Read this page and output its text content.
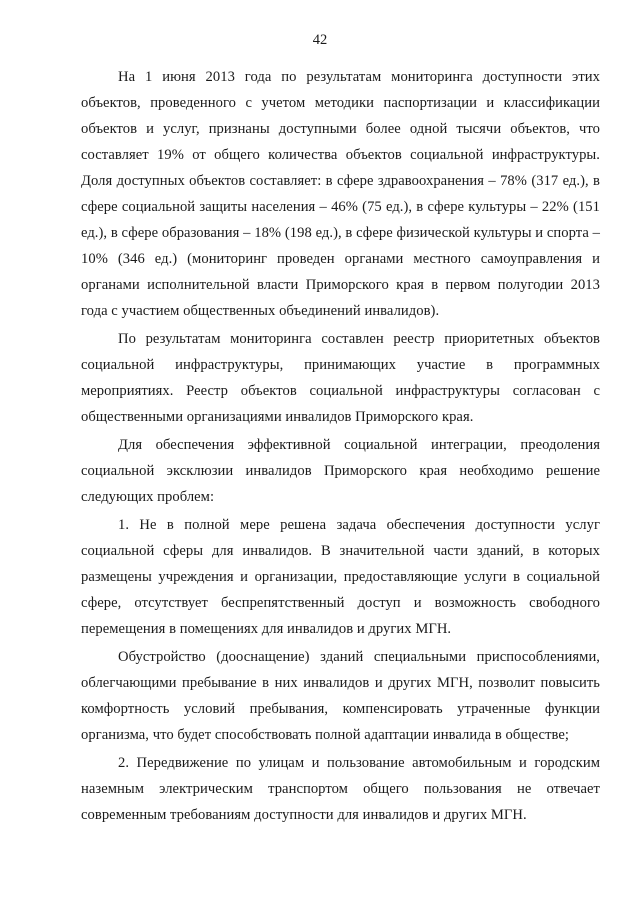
42

На 1 июня 2013 года по результатам мониторинга доступности этих объектов, проведенного с учетом методики паспортизации и классификации объектов и услуг, признаны доступными более одной тысячи объектов, что составляет 19% от общего количества объектов социальной инфраструктуры. Доля доступных объектов составляет: в сфере здравоохранения – 78% (317 ед.), в сфере социальной защиты населения – 46% (75 ед.), в сфере культуры – 22% (151 ед.), в сфере образования – 18% (198 ед.), в сфере физической культуры и спорта – 10% (346 ед.) (мониторинг проведен органами местного самоуправления и органами исполнительной власти Приморского края в первом полугодии 2013 года с участием общественных объединений инвалидов).

По результатам мониторинга составлен реестр приоритетных объектов социальной инфраструктуры, принимающих участие в программных мероприятиях. Реестр объектов социальной инфраструктуры согласован с общественными организациями инвалидов Приморского края.

Для обеспечения эффективной социальной интеграции, преодоления социальной эксклюзии инвалидов Приморского края необходимо решение следующих проблем:

1. Не в полной мере решена задача обеспечения доступности услуг социальной сферы для инвалидов. В значительной части зданий, в которых размещены учреждения и организации, предоставляющие услуги в социальной сфере, отсутствует беспрепятственный доступ и возможность свободного перемещения в помещениях для инвалидов и других МГН.

Обустройство (дооснащение) зданий специальными приспособлениями, облегчающими пребывание в них инвалидов и других МГН, позволит повысить комфортность условий пребывания, компенсировать утраченные функции организма, что будет способствовать полной адаптации инвалида в обществе;

2. Передвижение по улицам и пользование автомобильным и городским наземным электрическим транспортом общего пользования не отвечает современным требованиям доступности для инвалидов и других МГН.
